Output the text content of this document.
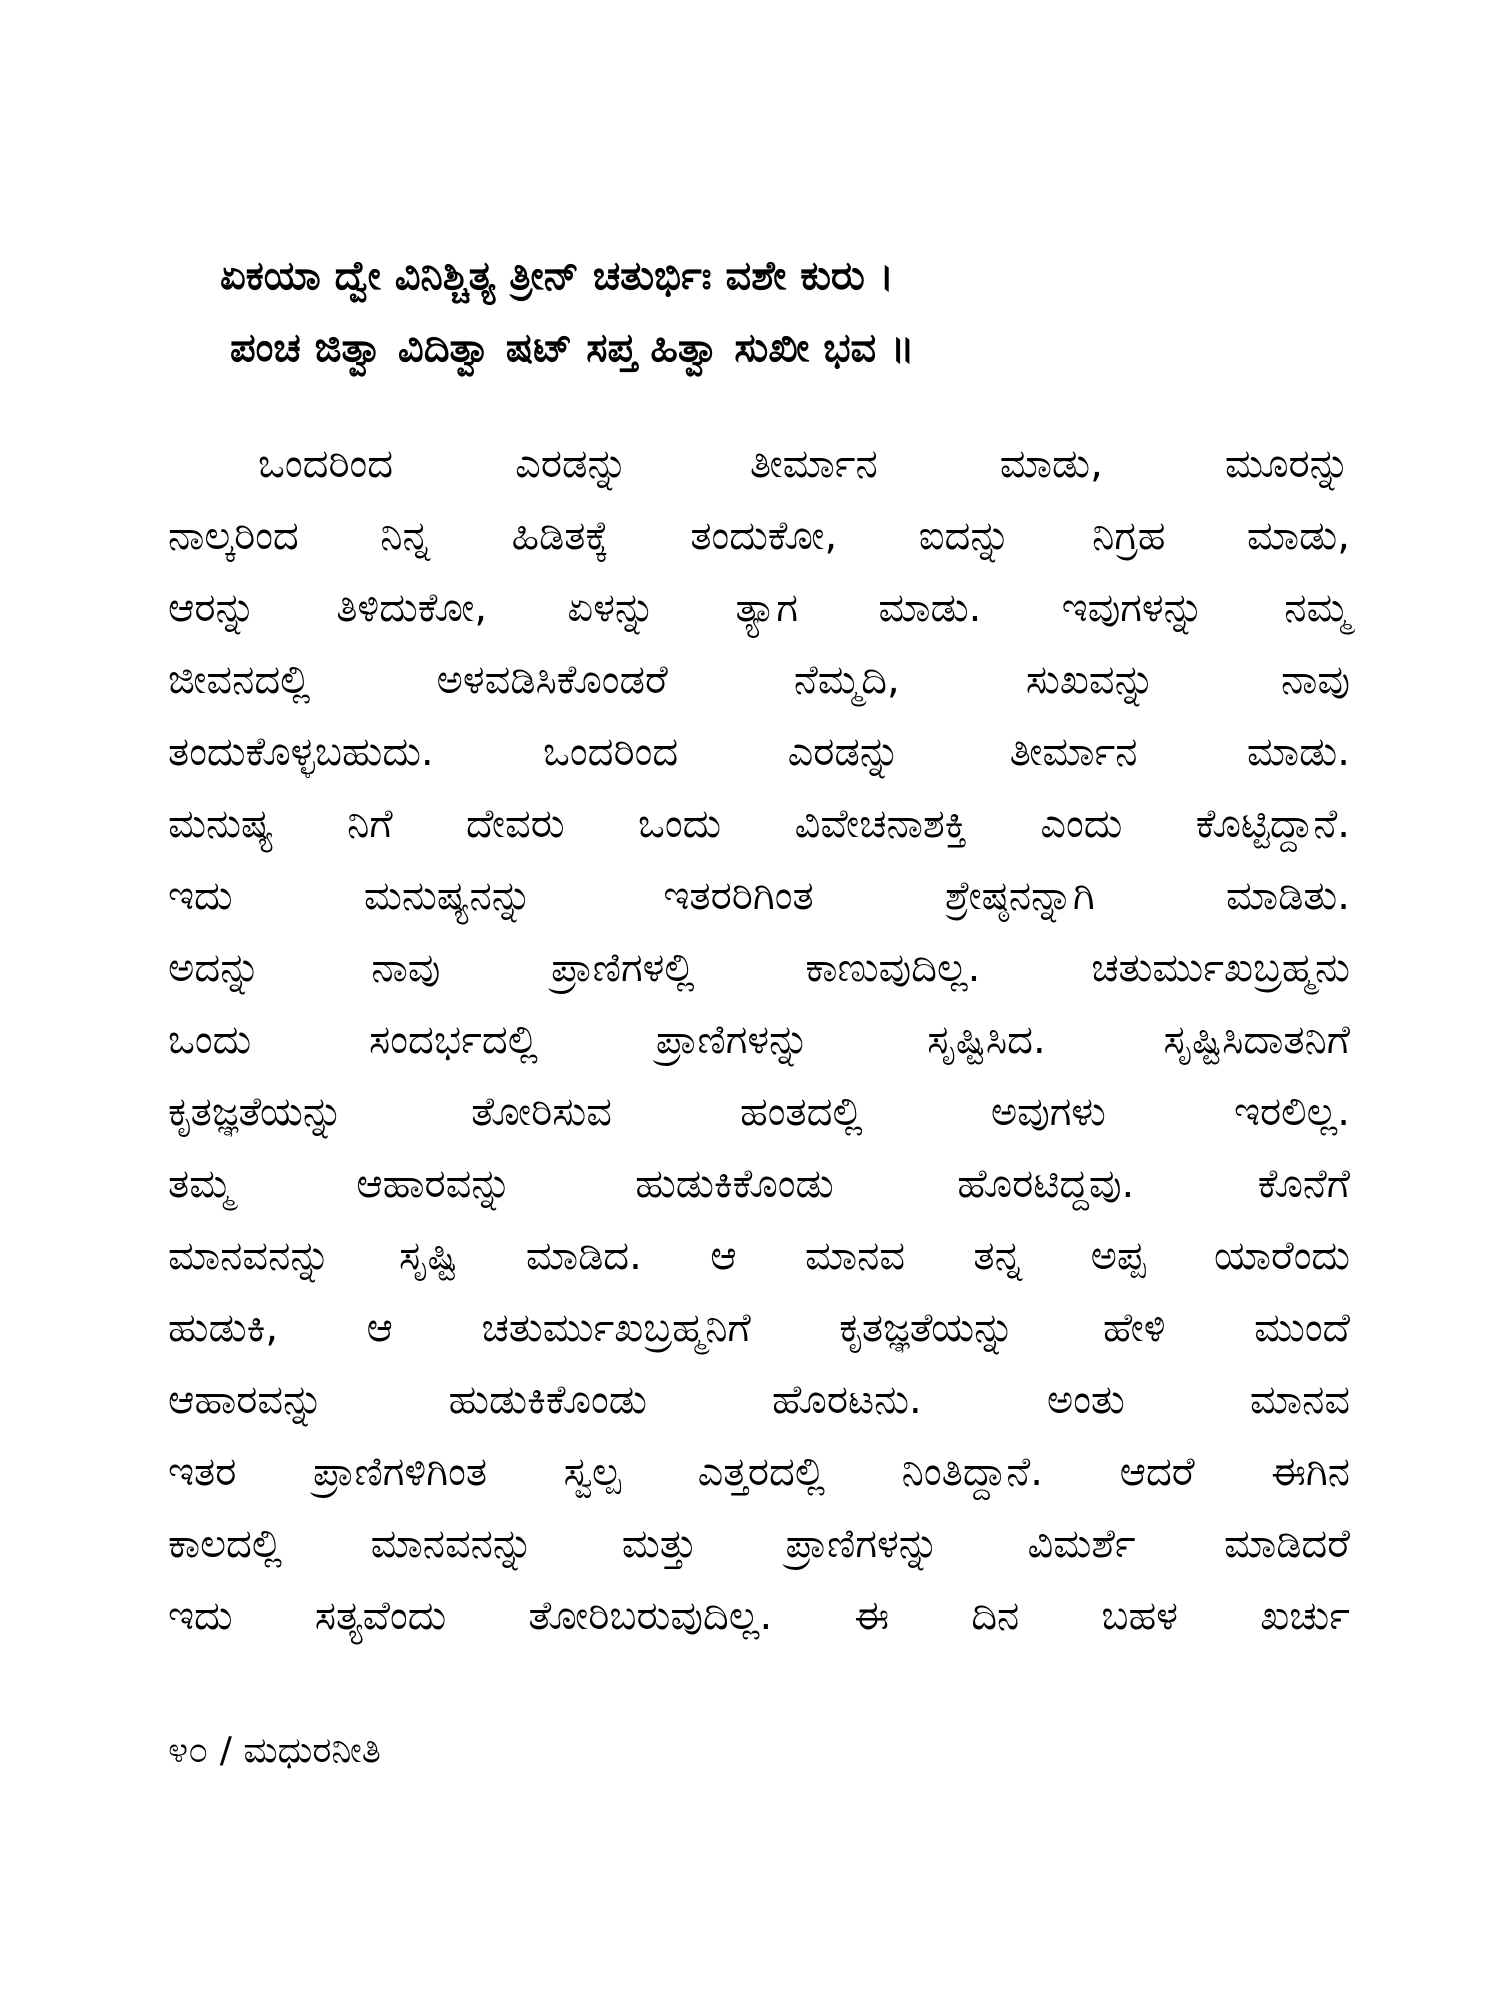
ಏಕಯಾ ದ್ವೇ ವಿನಿಶ್ಚಿತ್ಯ ತ್ರೀನ್ ಚತುರ್ಭಿಃ ವಶೇ ಕುರು ।
ಪಂಚ ಜಿತ್ವಾ ವಿದಿತ್ವಾ ಷಟ್ ಸಪ್ತ ಹಿತ್ವಾ ಸುಖೀ ಭವ ॥
ಒಂದರಿಂದ ಎರಡನ್ನು ತೀರ್ಮಾನ ಮಾಡು, ಮೂರನ್ನು
ನಾಲ್ಕರಿಂದ ನಿನ್ನ ಹಿಡಿತಕ್ಕೆ ತಂದುಕೋ, ಐದನ್ನು ನಿಗ್ರಹ ಮಾಡು,
ಆರನ್ನು ತಿಳಿದುಕೋ, ಏಳನ್ನು ತ್ಯಾಗ ಮಾಡು. ಇವುಗಳನ್ನು ನಮ್ಮ
ಜೀವನದಲ್ಲಿ ಅಳವಡಿಸಿಕೊಂಡರೆ ನೆಮ್ಮದಿ, ಸುಖವನ್ನು ನಾವು
ತಂದುಕೊಳ್ಳಬಹುದು. ಒಂದರಿಂದ ಎರಡನ್ನು ತೀರ್ಮಾನ ಮಾಡು.
ಮನುಷ್ಯ ನಿಗೆ ದೇವರು ಒಂದು ವಿವೇಚನಾಶಕ್ತಿ ಎಂದು ಕೊಟ್ಟಿದ್ದಾನೆ.
ಇದು ಮನುಷ್ಯನನ್ನು ಇತರರಿಗಿಂತ ಶ್ರೇಷ್ಠನನ್ನಾಗಿ ಮಾಡಿತು.
ಅದನ್ನು ನಾವು ಪ್ರಾಣಿಗಳಲ್ಲಿ ಕಾಣುವುದಿಲ್ಲ. ಚತುರ್ಮುಖಬ್ರಹ್ಮನು
ಒಂದು ಸಂದರ್ಭದಲ್ಲಿ ಪ್ರಾಣಿಗಳನ್ನು ಸೃಷ್ಟಿಸಿದ. ಸೃಷ್ಟಿಸಿದಾತನಿಗೆ
ಕೃತಜ್ಞತೆಯನ್ನು ತೋರಿಸುವ ಹಂತದಲ್ಲಿ ಅವುಗಳು ಇರಲಿಲ್ಲ.
ತಮ್ಮ ಆಹಾರವನ್ನು ಹುಡುಕಿಕೊಂಡು ಹೊರಟಿದ್ದವು. ಕೊನೆಗೆ
ಮಾನವನನ್ನು ಸೃಷ್ಟಿ ಮಾಡಿದ. ಆ ಮಾನವ ತನ್ನ ಅಪ್ಪ ಯಾರೆಂದು
ಹುಡುಕಿ, ಆ ಚತುರ್ಮುಖಬ್ರಹ್ಮನಿಗೆ ಕೃತಜ್ಞತೆಯನ್ನು ಹೇಳಿ ಮುಂದೆ
ಆಹಾರವನ್ನು ಹುಡುಕಿಕೊಂಡು ಹೊರಟನು. ಅಂತು ಮಾನವ
ಇತರ ಪ್ರಾಣಿಗಳಿಗಿಂತ ಸ್ವಲ್ಪ ಎತ್ತರದಲ್ಲಿ ನಿಂತಿದ್ದಾನೆ. ಆದರೆ ಈಗಿನ
ಕಾಲದಲ್ಲಿ ಮಾನವನನ್ನು ಮತ್ತು ಪ್ರಾಣಿಗಳನ್ನು ವಿಮರ್ಶೆ ಮಾಡಿದರೆ
ಇದು ಸತ್ಯವೆಂದು ತೋರಿಬರುವುದಿಲ್ಲ. ಈ ದಿನ ಬಹಳ ಖರ್ಚು
೪೦ / ಮಧುರನೀತಿ
